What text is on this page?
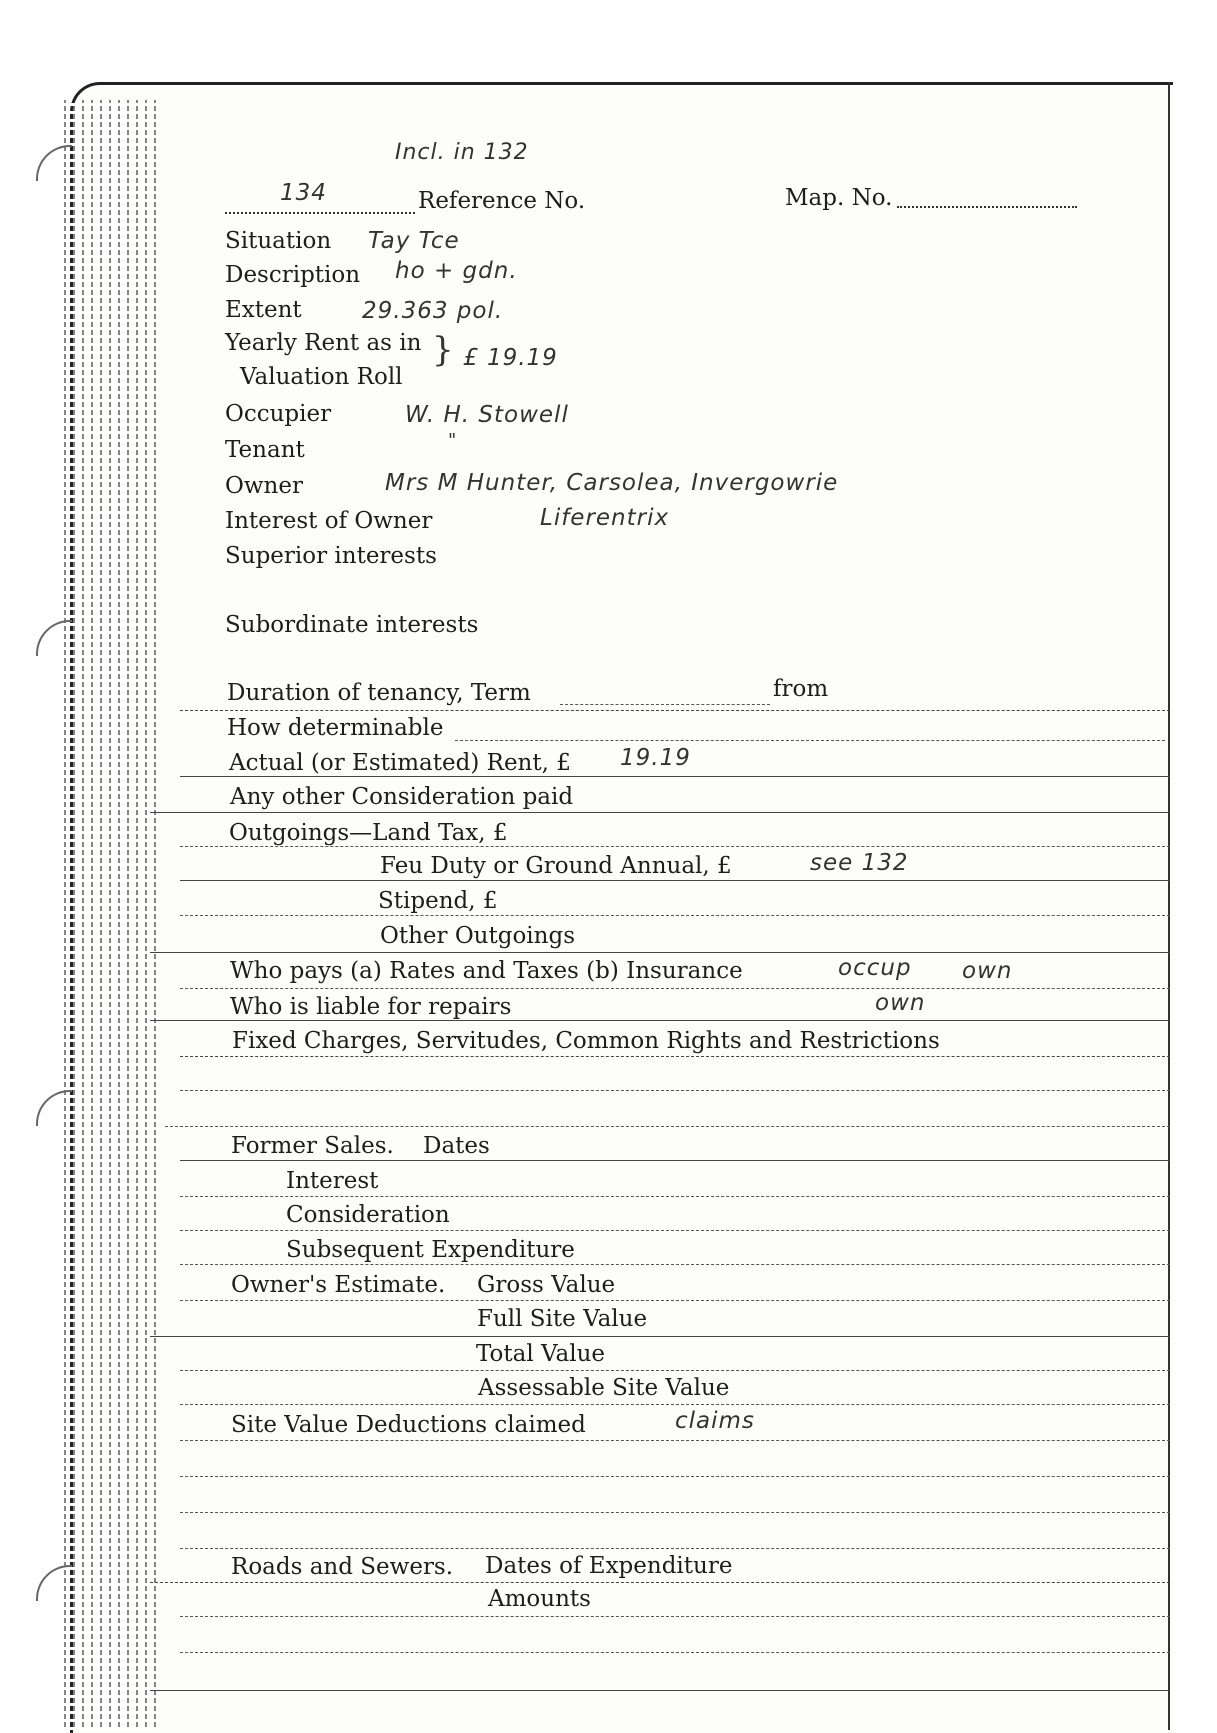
Incl. in 132
134	Reference No.	Map. No.
Situation Tay Tce
Description ho + gdn.
Extent	29.363 pol.
Yearly Rent as in
Valuation Roll
} £ 19.19
Occupier	W. H. Stowell
Tenant	"
Owner	Mrs M Hunter, Carsolea, Invergowrie
Interest of Owner	Liferentrix
Superior interests
Subordinate interests
Duration of tenancy, Term	from
How determinable
Actual (or Estimated) Rent, £ 19.19
Any other Consideration paid
Outgoings—Land Tax, £
Feu Duty or Ground Annual, £	see 132
Stipend, £
Other Outgoings
Who pays (a) Rates and Taxes (b) Insurance	occup own
Who is liable for repairs	own
Fixed Charges, Servitudes, Common Rights and Restrictions
Former Sales. Dates
Interest
Consideration
Subsequent Expenditure
Owner's Estimate. Gross Value
Full Site Value
Total Value
Assessable Site Value
Site Value Deductions claimed	claims
Roads and Sewers. Dates of Expenditure
Amounts
